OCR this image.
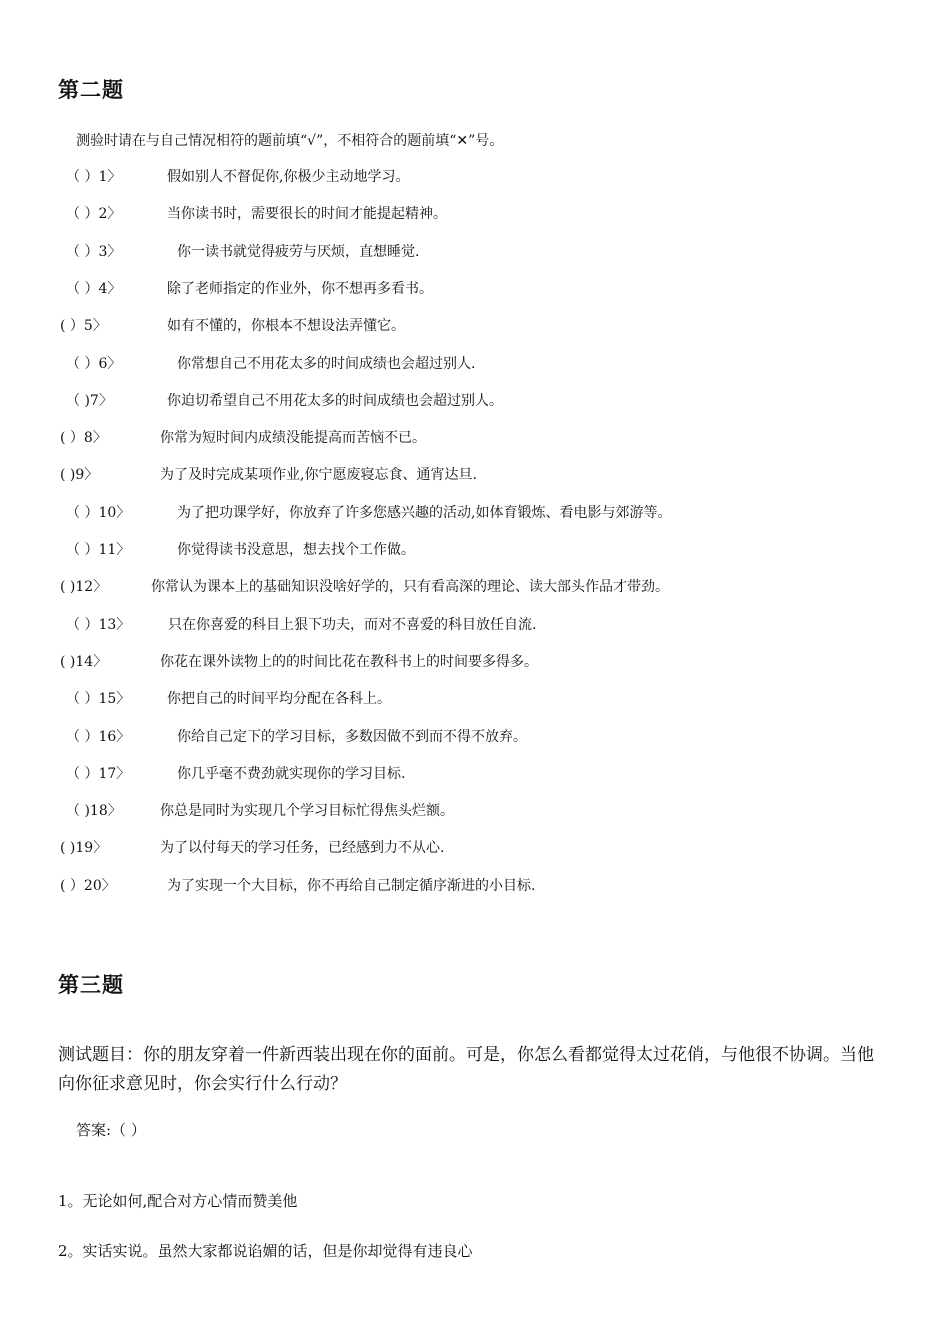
第二题
测验时请在与自己情况相符的题前填“√”，不相符合的题前填“✕”号。
（ ）1〉	假如别人不督促你,你极少主动地学习。
（ ）2〉	当你读书时，需要很长的时间才能提起精神。
（ ）3〉	你一读书就觉得疲劳与厌烦，直想睡觉.
（ ）4〉	除了老师指定的作业外，你不想再多看书。
( ）5〉	如有不懂的，你根本不想设法弄懂它。
（ ）6〉	你常想自己不用花太多的时间成绩也会超过别人.
（ )7〉	你迫切希望自己不用花太多的时间成绩也会超过别人。
( ）8〉	你常为短时间内成绩没能提高而苦恼不已。
( )9〉	为了及时完成某项作业,你宁愿废寝忘食、通宵达旦.
（ ）10〉	为了把功课学好，你放弃了许多您感兴趣的活动,如体育锻炼、看电影与郊游等。
（ ）11〉	你觉得读书没意思，想去找个工作做。
( )12〉	你常认为课本上的基础知识没啥好学的，只有看高深的理论、读大部头作品才带劲。
（ ）13〉	只在你喜爱的科目上狠下功夫，而对不喜爱的科目放任自流.
( )14〉	你花在课外读物上的的时间比花在教科书上的时间要多得多。
（ ）15〉	你把自己的时间平均分配在各科上。
（ ）16〉	你给自己定下的学习目标，多数因做不到而不得不放弃。
（ ）17〉	你几乎毫不费劲就实现你的学习目标.
（ )18〉	你总是同时为实现几个学习目标忙得焦头烂额。
( )19〉	为了以付每天的学习任务，已经感到力不从心.
( ）20〉	为了实现一个大目标，你不再给自己制定循序渐进的小目标.
第三题
测试题目：你的朋友穿着一件新西装出现在你的面前。可是，你怎么看都觉得太过花俏，与他很不协调。当他向你征求意见时，你会实行什么行动？
答案:（ ）
1。无论如何,配合对方心情而赞美他
2。实话实说。虽然大家都说谄媚的话，但是你却觉得有违良心
